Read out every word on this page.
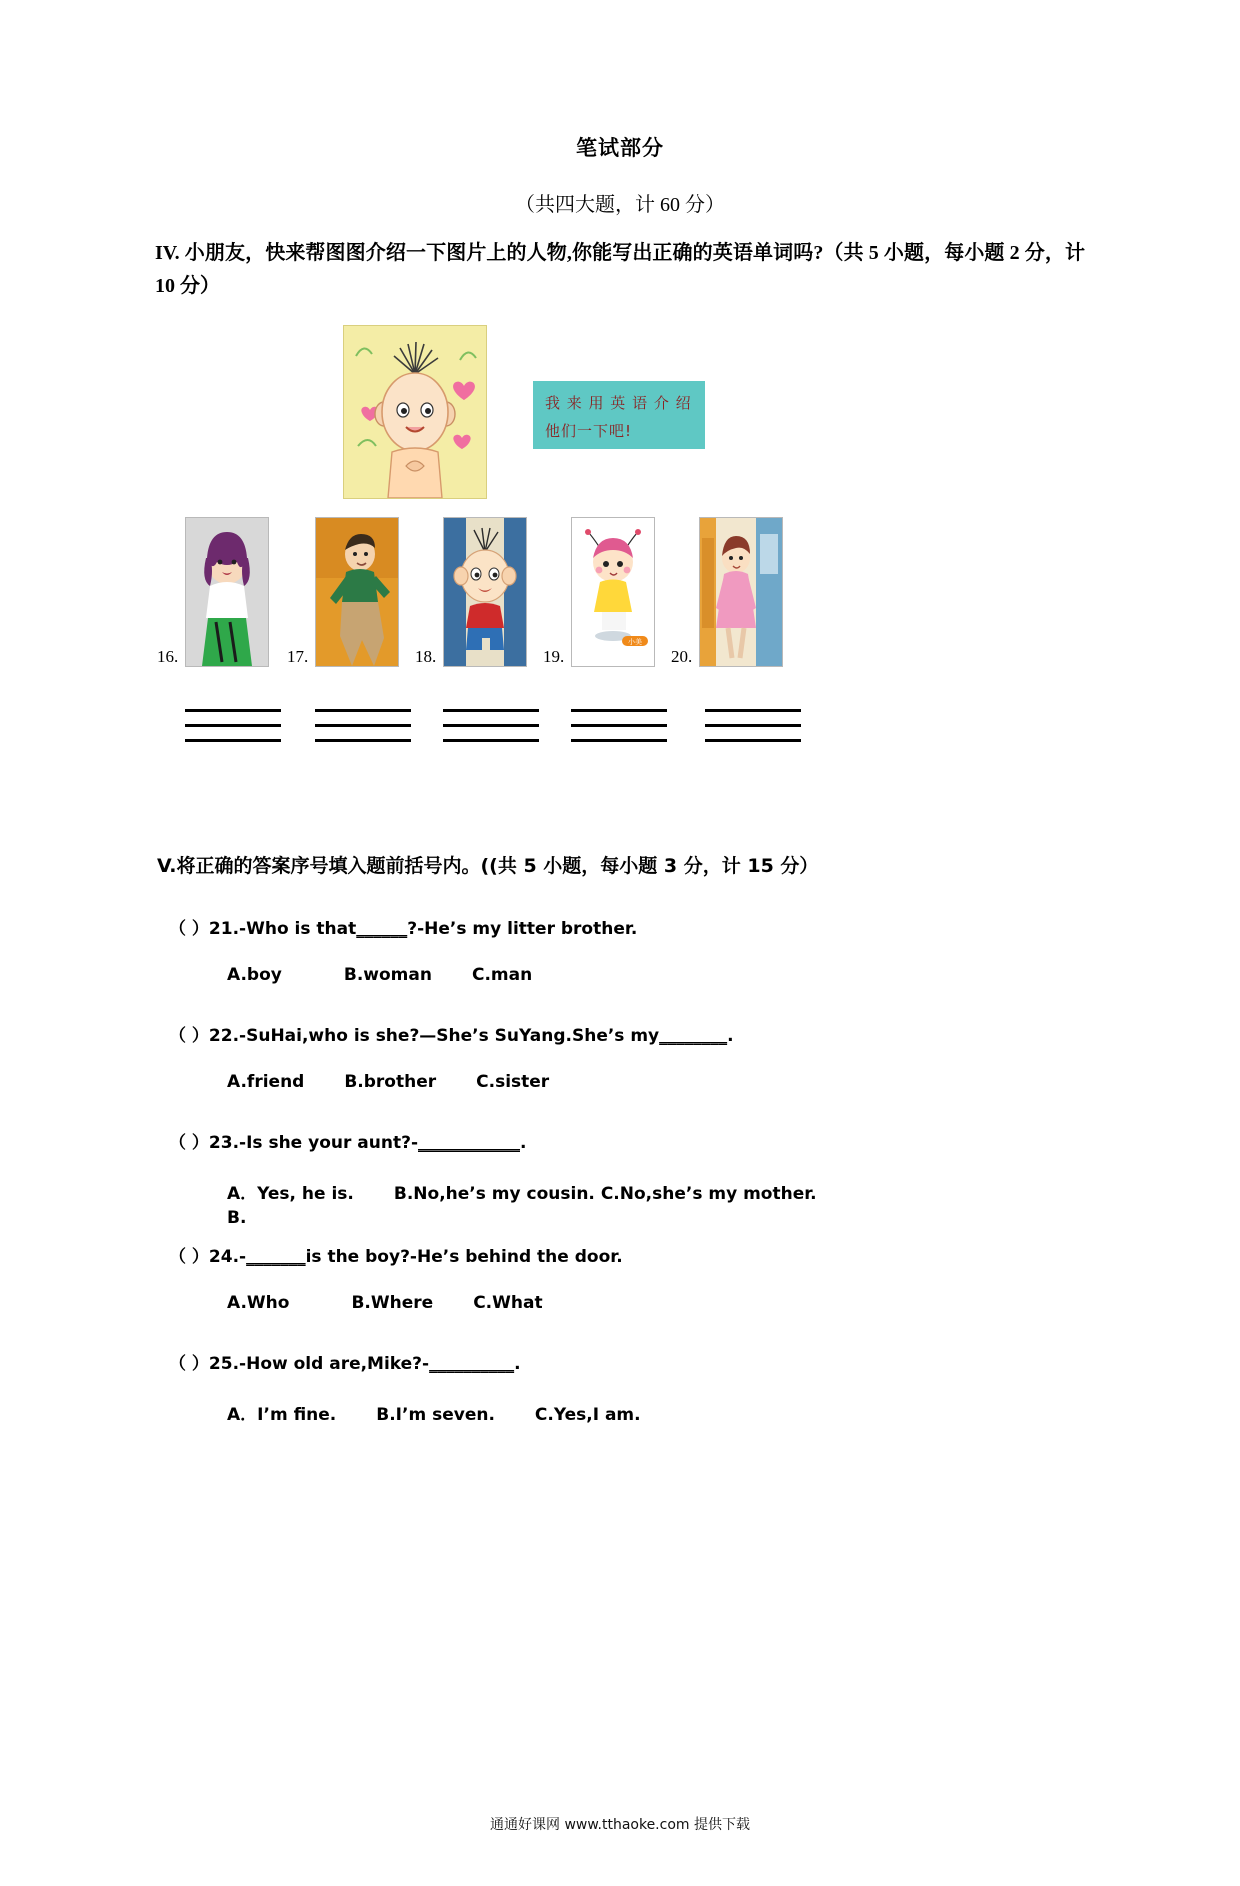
笔试部分
（共四大题，计 60 分）
IV. 小朋友，快来帮图图介绍一下图片上的人物,你能写出正确的英语单词吗?（共 5 小题，每小题 2 分，计 10 分）
我 来 用 英 语 介 绍
他们一下吧!
小美
16.	17.	18.	19.	20.
V.将正确的答案序号填入题前括号内。((共 5 小题，每小题 3 分，计 15 分）
（ ）21.-Who is that______?-He’s my litter brother.
A.boy	B.woman C.man
（ ）22.-SuHai,who is she?—She’s SuYang.She’s my________.
A.friend B.brother C.sister
（ ）23.-Is she your aunt?-____________.
A．Yes, he is. B.No,he’s my cousin. C.No,she’s my mother.
B.
（ ）24.-_______is the boy?-He’s behind the door.
A.Who	B.Where C.What
（ ）25.-How old are,Mike?-__________.
A．I’m fine. B.I’m seven. C.Yes,I am.
通通好课网 www.tthaoke.com 提供下载
